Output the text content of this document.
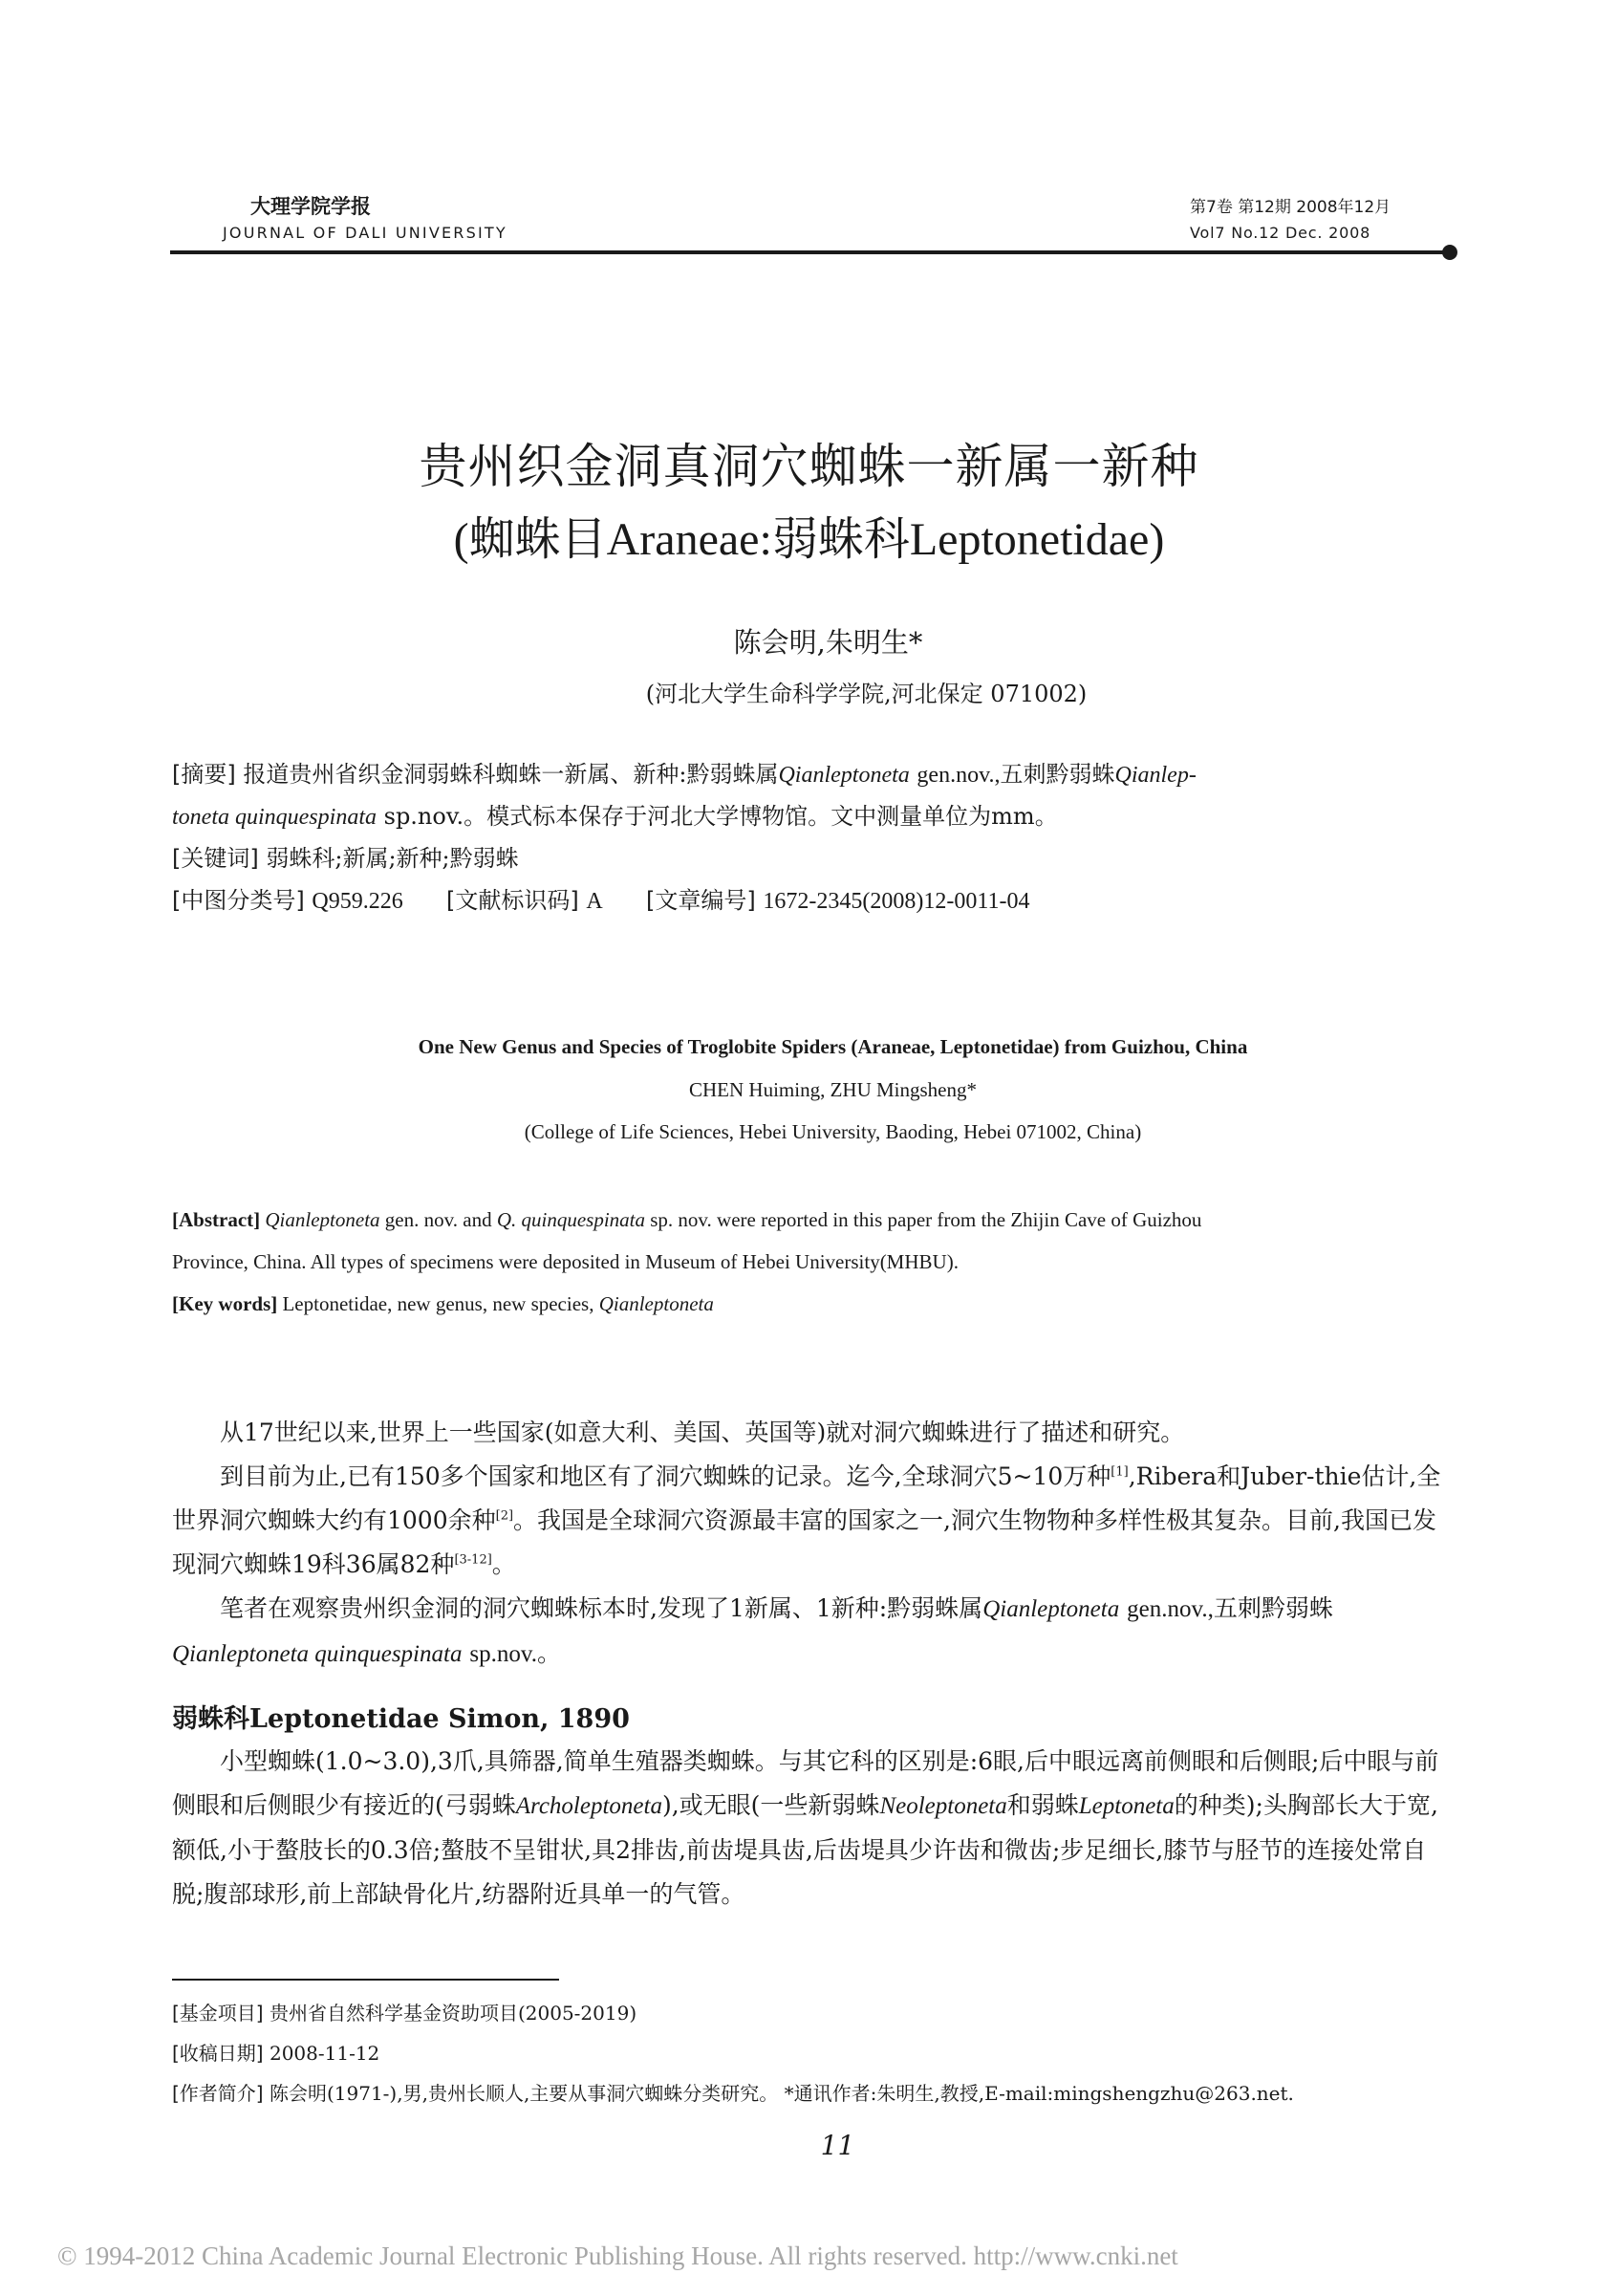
大理学院学报
JOURNAL OF DALI UNIVERSITY
第7卷 第12期 2008年12月
Vol7 No.12 Dec. 2008
贵州织金洞真洞穴蜘蛛一新属一新种
(蜘蛛目Araneae:弱蛛科Leptonetidae)
陈会明,朱明生*
(河北大学生命科学学院,河北保定 071002)
[摘要] 报道贵州省织金洞弱蛛科蜘蛛一新属、新种:黔弱蛛属Qianleptoneta gen.nov.,五刺黔弱蛛Qianlep-
toneta quinquespinata sp.nov.。模式标本保存于河北大学博物馆。文中测量单位为mm。
[关键词] 弱蛛科;新属;新种;黔弱蛛
[中图分类号] Q959.226 [文献标识码] A [文章编号] 1672-2345(2008)12-0011-04
One New Genus and Species of Troglobite Spiders (Araneae, Leptonetidae) from Guizhou, China
CHEN Huiming, ZHU Mingsheng*
(College of Life Sciences, Hebei University, Baoding, Hebei 071002, China)
[Abstract] Qianleptoneta gen. nov. and Q. quinquespinata sp. nov. were reported in this paper from the Zhijin Cave of Guizhou
Province, China. All types of specimens were deposited in Museum of Hebei University(MHBU).
[Key words] Leptonetidae, new genus, new species, Qianleptoneta

从17世纪以来,世界上一些国家(如意大利、美国、英国等)就对洞穴蜘蛛进行了描述和研究。

到目前为止,已有150多个国家和地区有了洞穴蜘蛛的记录。迄今,全球洞穴5~10万种[1],Ribera和Juber-thie估计,全世界洞穴蜘蛛大约有1000余种[2]。我国是全球洞穴资源最丰富的国家之一,洞穴生物物种多样性极其复杂。目前,我国已发现洞穴蜘蛛19科36属82种[3-12]。

笔者在观察贵州织金洞的洞穴蜘蛛标本时,发现了1新属、1新种:黔弱蛛属Qianleptoneta gen.nov.,五刺黔弱蛛Qianleptoneta quinquespinata sp.nov.。

弱蛛科Leptonetidae Simon, 1890

小型蜘蛛(1.0~3.0),3爪,具筛器,简单生殖器类蜘蛛。与其它科的区别是:6眼,后中眼远离前侧眼和后侧眼;后中眼与前侧眼和后侧眼少有接近的(弓弱蛛Archoleptoneta),或无眼(一些新弱蛛Neoleptoneta和弱蛛Leptoneta的种类);头胸部长大于宽,额低,小于螯肢长的0.3倍;螯肢不呈钳状,具2排齿,前齿堤具齿,后齿堤具少许齿和微齿;步足细长,膝节与胫节的连接处常自脱;腹部球形,前上部缺骨化片,纺器附近具单一的气管。

[基金项目] 贵州省自然科学基金资助项目(2005-2019)
[收稿日期] 2008-11-12
[作者简介] 陈会明(1971-),男,贵州长顺人,主要从事洞穴蜘蛛分类研究。 *通讯作者:朱明生,教授,E-mail:mingshengzhu@263.net.
11
© 1994-2012 China Academic Journal Electronic Publishing House. All rights reserved. http://www.cnki.net
